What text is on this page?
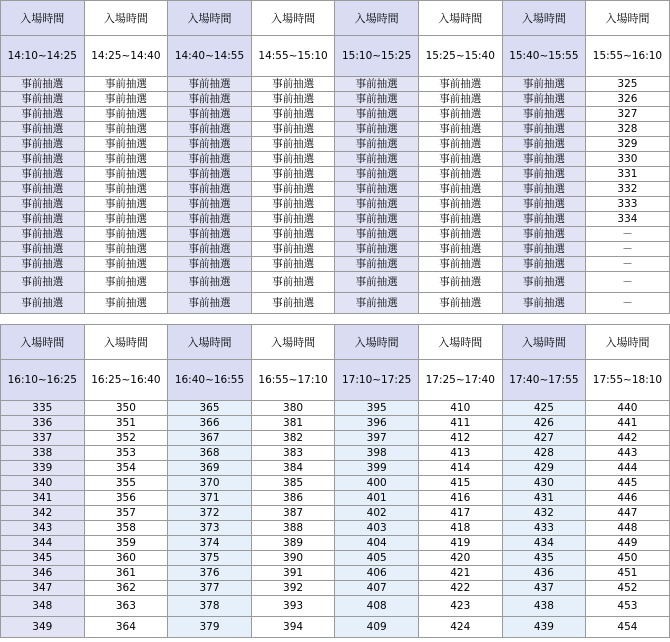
入場時間	入場時間	入場時間	入場時間	入場時間	入場時間	入場時間	入場時間
14:10~14:25	14:25~14:40	14:40~14:55	14:55~15:10	15:10~15:25	15:25~15:40	15:40~15:55	15:55~16:10
事前抽選	事前抽選	事前抽選	事前抽選	事前抽選	事前抽選	事前抽選	325
事前抽選	事前抽選	事前抽選	事前抽選	事前抽選	事前抽選	事前抽選	326
事前抽選	事前抽選	事前抽選	事前抽選	事前抽選	事前抽選	事前抽選	327
事前抽選	事前抽選	事前抽選	事前抽選	事前抽選	事前抽選	事前抽選	328
事前抽選	事前抽選	事前抽選	事前抽選	事前抽選	事前抽選	事前抽選	329
事前抽選	事前抽選	事前抽選	事前抽選	事前抽選	事前抽選	事前抽選	330
事前抽選	事前抽選	事前抽選	事前抽選	事前抽選	事前抽選	事前抽選	331
事前抽選	事前抽選	事前抽選	事前抽選	事前抽選	事前抽選	事前抽選	332
事前抽選	事前抽選	事前抽選	事前抽選	事前抽選	事前抽選	事前抽選	333
事前抽選	事前抽選	事前抽選	事前抽選	事前抽選	事前抽選	事前抽選	334
事前抽選	事前抽選	事前抽選	事前抽選	事前抽選	事前抽選	事前抽選	－
事前抽選	事前抽選	事前抽選	事前抽選	事前抽選	事前抽選	事前抽選	－
事前抽選	事前抽選	事前抽選	事前抽選	事前抽選	事前抽選	事前抽選	－
事前抽選	事前抽選	事前抽選	事前抽選	事前抽選	事前抽選	事前抽選	－
事前抽選	事前抽選	事前抽選	事前抽選	事前抽選	事前抽選	事前抽選	－
入場時間	入場時間	入場時間	入場時間	入場時間	入場時間	入場時間	入場時間
16:10~16:25	16:25~16:40	16:40~16:55	16:55~17:10	17:10~17:25	17:25~17:40	17:40~17:55	17:55~18:10
335	350	365	380	395	410	425	440
336	351	366	381	396	411	426	441
337	352	367	382	397	412	427	442
338	353	368	383	398	413	428	443
339	354	369	384	399	414	429	444
340	355	370	385	400	415	430	445
341	356	371	386	401	416	431	446
342	357	372	387	402	417	432	447
343	358	373	388	403	418	433	448
344	359	374	389	404	419	434	449
345	360	375	390	405	420	435	450
346	361	376	391	406	421	436	451
347	362	377	392	407	422	437	452
348	363	378	393	408	423	438	453
349	364	379	394	409	424	439	454
